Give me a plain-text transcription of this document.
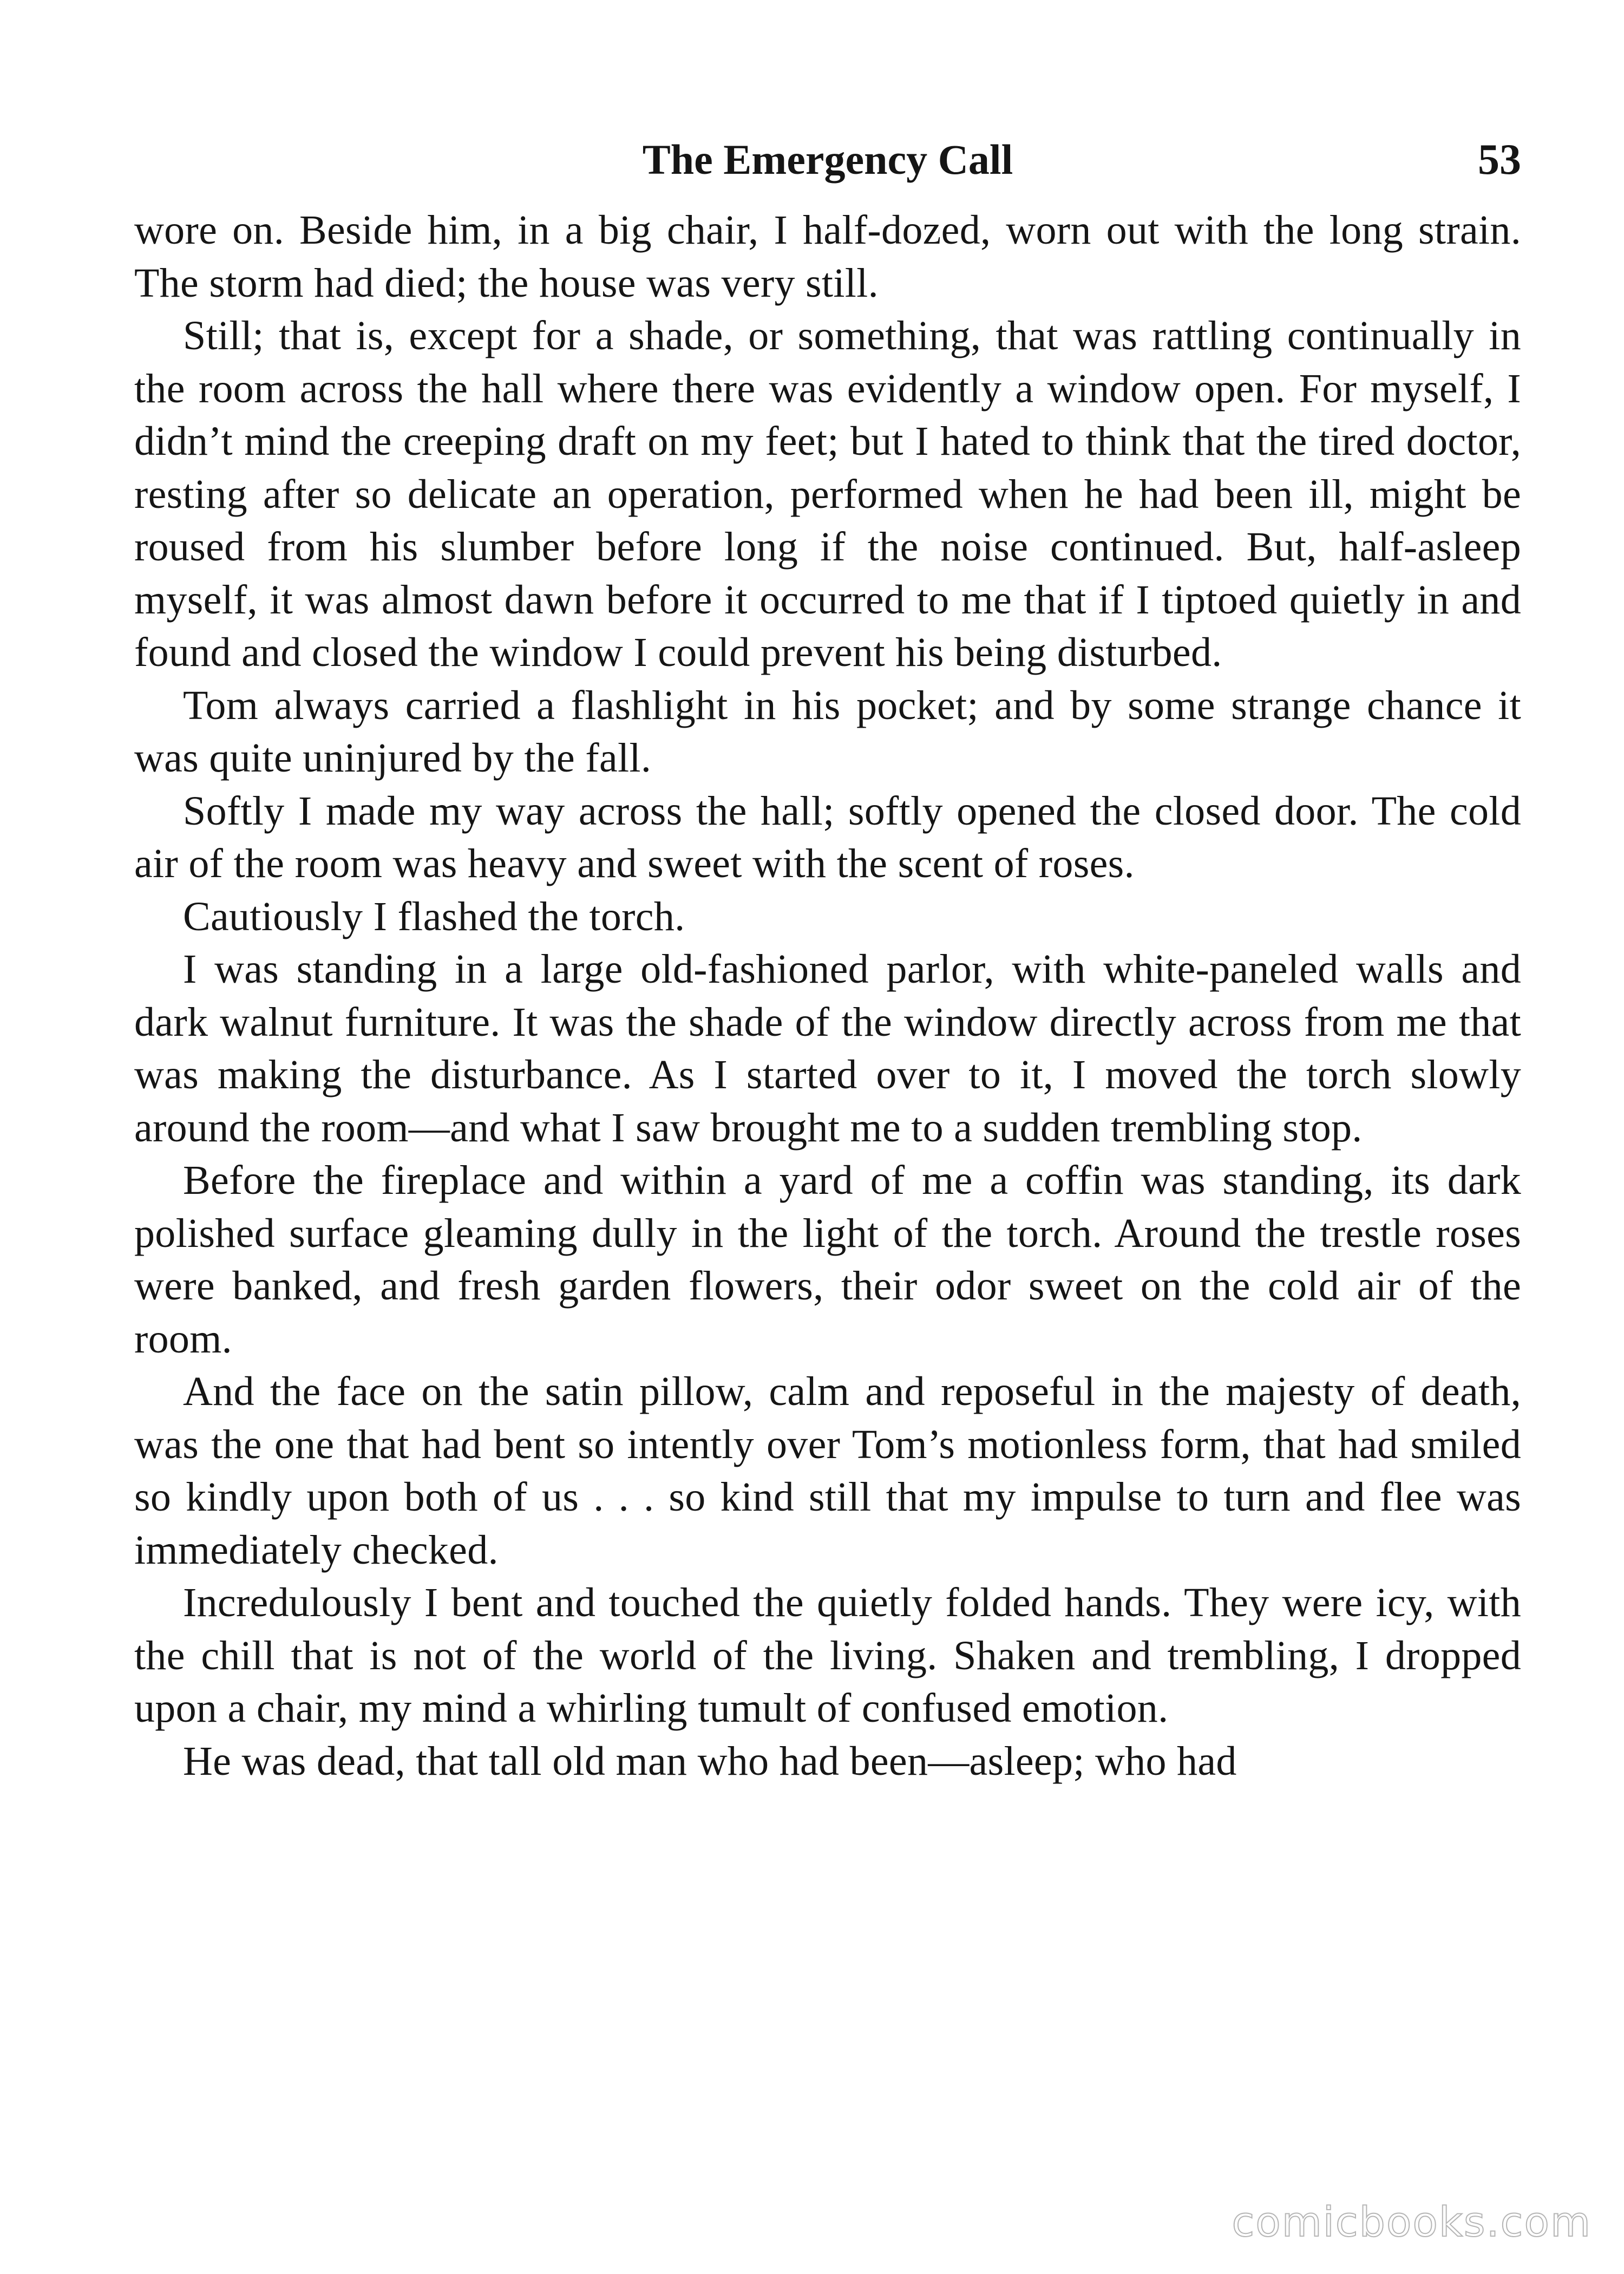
The Emergency Call	53

wore on. Beside him, in a big chair, I half-dozed, worn out with the long strain. The storm had died; the house was very still.

Still; that is, except for a shade, or something, that was rattling continually in the room across the hall where there was evidently a window open. For myself, I didn’t mind the creeping draft on my feet; but I hated to think that the tired doctor, resting after so delicate an operation, performed when he had been ill, might be roused from his slumber before long if the noise continued. But, half-asleep myself, it was almost dawn before it occurred to me that if I tiptoed quietly in and found and closed the window I could prevent his being disturbed.

Tom always carried a flashlight in his pocket; and by some strange chance it was quite uninjured by the fall.

Softly I made my way across the hall; softly opened the closed door. The cold air of the room was heavy and sweet with the scent of roses.

Cautiously I flashed the torch.

I was standing in a large old-fashioned parlor, with white-paneled walls and dark walnut furniture. It was the shade of the window directly across from me that was making the disturbance. As I started over to it, I moved the torch slowly around the room—and what I saw brought me to a sudden trembling stop.

Before the fireplace and within a yard of me a coffin was standing, its dark polished surface gleaming dully in the light of the torch. Around the trestle roses were banked, and fresh garden flowers, their odor sweet on the cold air of the room.

And the face on the satin pillow, calm and reposeful in the majesty of death, was the one that had bent so intently over Tom’s motionless form, that had smiled so kindly upon both of us . . . so kind still that my impulse to turn and flee was immediately checked.

Incredulously I bent and touched the quietly folded hands. They were icy, with the chill that is not of the world of the living. Shaken and trembling, I dropped upon a chair, my mind a whirling tumult of confused emotion.

He was dead, that tall old man who had been—asleep; who had

comicbooks.com
